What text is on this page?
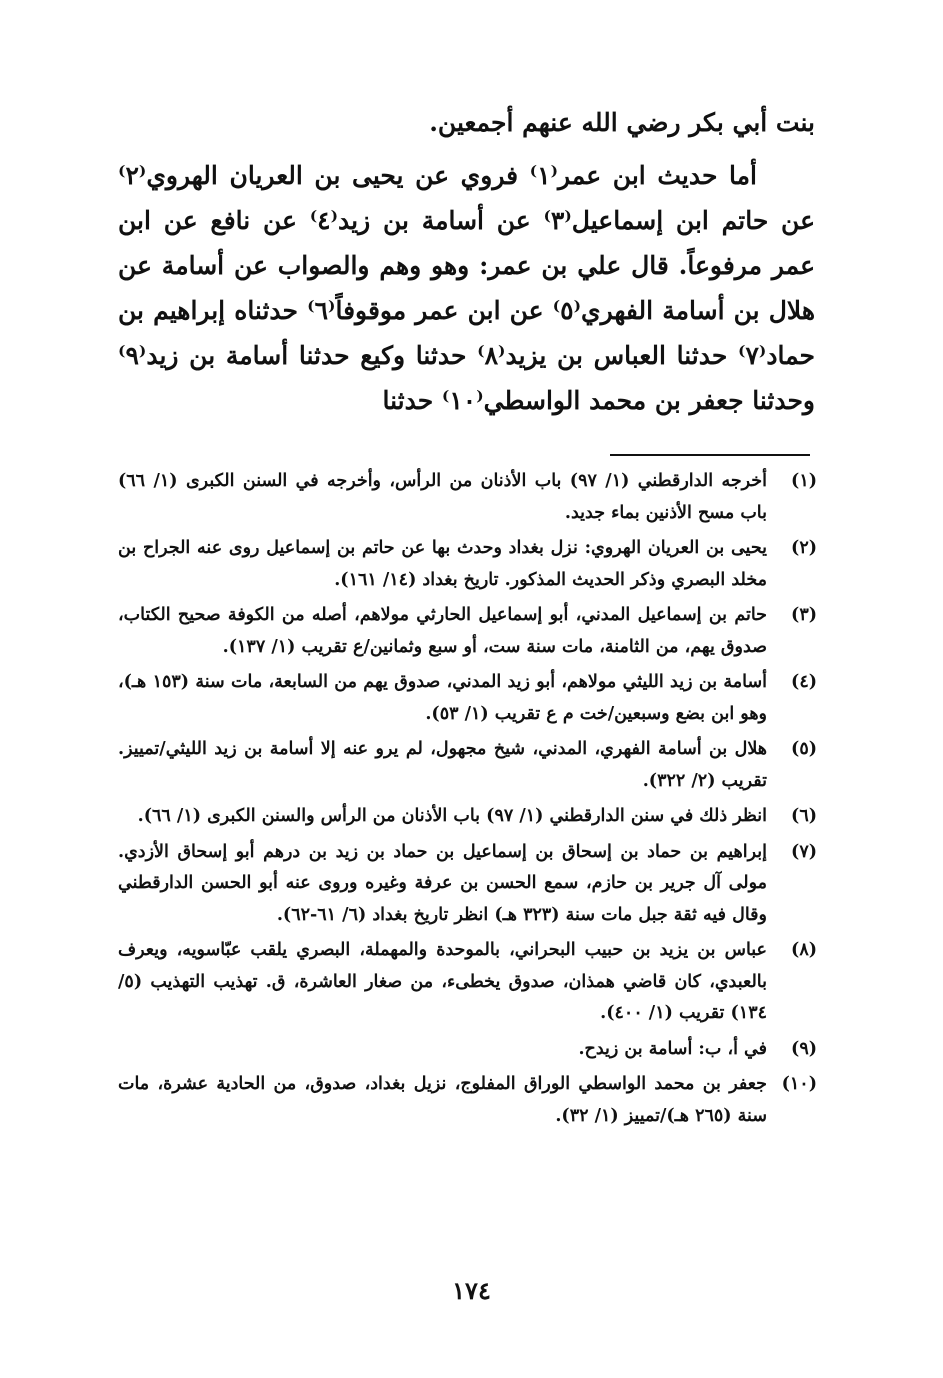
بنت أبي بكر رضي الله عنهم أجمعين.

أما حديث ابن عمر⁽١⁾ فروي عن يحيى بن العريان الهروي⁽٢⁾ عن حاتم ابن إسماعيل⁽٣⁾ عن أسامة بن زيد⁽٤⁾ عن نافع عن ابن عمر مرفوعاً. قال علي بن عمر: وهو وهم والصواب عن أسامة عن هلال بن أسامة الفهري⁽٥⁾ عن ابن عمر موقوفاً⁽٦⁾ حدثناه إبراهيم بن حماد⁽٧⁾ حدثنا العباس بن يزيد⁽٨⁾ حدثنا وكيع حدثنا أسامة بن زيد⁽٩⁾ وحدثنا جعفر بن محمد الواسطي⁽١٠⁾ حدثنا

(١)
أخرجه الدارقطني (١/ ٩٧) باب الأذنان من الرأس، وأخرجه في السنن الكبرى (١/ ٦٦) باب مسح الأذنين بماء جديد.
(٢)
يحيى بن العريان الهروي: نزل بغداد وحدث بها عن حاتم بن إسماعيل روى عنه الجراح بن مخلد البصري وذكر الحديث المذكور. تاريخ بغداد (١٤/ ١٦١).
(٣)
حاتم بن إسماعيل المدني، أبو إسماعيل الحارثي مولاهم، أصله من الكوفة صحيح الكتاب، صدوق يهم، من الثامنة، مات سنة ست، أو سبع وثمانين/ع تقريب (١/ ١٣٧).
(٤)
أسامة بن زيد الليثي مولاهم، أبو زيد المدني، صدوق يهم من السابعة، مات سنة (١٥٣ هـ)، وهو ابن بضع وسبعين/خت م ع تقريب (١/ ٥٣).
(٥)
هلال بن أسامة الفهري، المدني، شيخ مجهول، لم يرو عنه إلا أسامة بن زيد الليثي/تمييز. تقريب (٢/ ٣٢٢).
(٦)
انظر ذلك في سنن الدارقطني (١/ ٩٧) باب الأذنان من الرأس والسنن الكبرى (١/ ٦٦).
(٧)
إبراهيم بن حماد بن إسحاق بن إسماعيل بن حماد بن زيد بن درهم أبو إسحاق الأزدي. مولى آل جرير بن حازم، سمع الحسن بن عرفة وغيره وروى عنه أبو الحسن الدارقطني وقال فيه ثقة جبل مات سنة (٣٢٣ هـ) انظر تاريخ بغداد (٦/ ٦١-٦٢).
(٨)
عباس بن يزيد بن حبيب البحراني، بالموحدة والمهملة، البصري يلقب عبّاسويه، ويعرف بالعبدي، كان قاضي همذان، صدوق يخطىء، من صغار العاشرة، ق. تهذيب التهذيب (٥/ ١٣٤) تقريب (١/ ٤٠٠).
(٩)
في أ، ب: أسامة بن زيدح.
(١٠)
جعفر بن محمد الواسطي الوراق المفلوج، نزيل بغداد، صدوق، من الحادية عشرة، مات سنة (٢٦٥ هـ)/تمييز (١/ ٣٢).
١٧٤
